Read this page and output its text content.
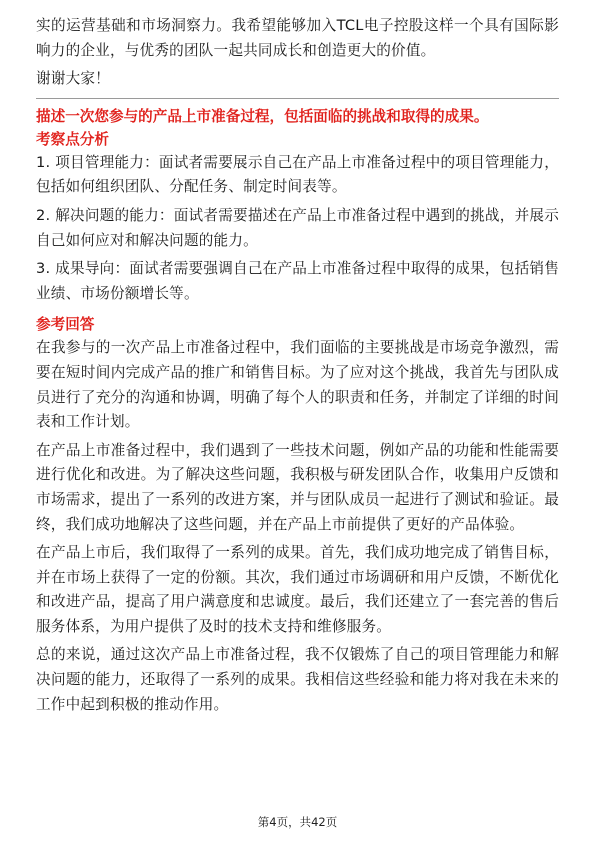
实的运营基础和市场洞察力。我希望能够加入TCL电子控股这样一个具有国际影响力的企业，与优秀的团队一起共同成长和创造更大的价值。

谢谢大家！

描述一次您参与的产品上市准备过程，包括面临的挑战和取得的成果。
考察点分析

1. 项目管理能力：面试者需要展示自己在产品上市准备过程中的项目管理能力，包括如何组织团队、分配任务、制定时间表等。

2. 解决问题的能力：面试者需要描述在产品上市准备过程中遇到的挑战，并展示自己如何应对和解决问题的能力。

3. 成果导向：面试者需要强调自己在产品上市准备过程中取得的成果，包括销售业绩、市场份额增长等。

参考回答

在我参与的一次产品上市准备过程中，我们面临的主要挑战是市场竞争激烈，需要在短时间内完成产品的推广和销售目标。为了应对这个挑战，我首先与团队成员进行了充分的沟通和协调，明确了每个人的职责和任务，并制定了详细的时间表和工作计划。

在产品上市准备过程中，我们遇到了一些技术问题，例如产品的功能和性能需要进行优化和改进。为了解决这些问题，我积极与研发团队合作，收集用户反馈和市场需求，提出了一系列的改进方案，并与团队成员一起进行了测试和验证。最终，我们成功地解决了这些问题，并在产品上市前提供了更好的产品体验。

在产品上市后，我们取得了一系列的成果。首先，我们成功地完成了销售目标，并在市场上获得了一定的份额。其次，我们通过市场调研和用户反馈，不断优化和改进产品，提高了用户满意度和忠诚度。最后，我们还建立了一套完善的售后服务体系，为用户提供了及时的技术支持和维修服务。

总的来说，通过这次产品上市准备过程，我不仅锻炼了自己的项目管理能力和解决问题的能力，还取得了一系列的成果。我相信这些经验和能力将对我在未来的工作中起到积极的推动作用。

第4页，共42页
